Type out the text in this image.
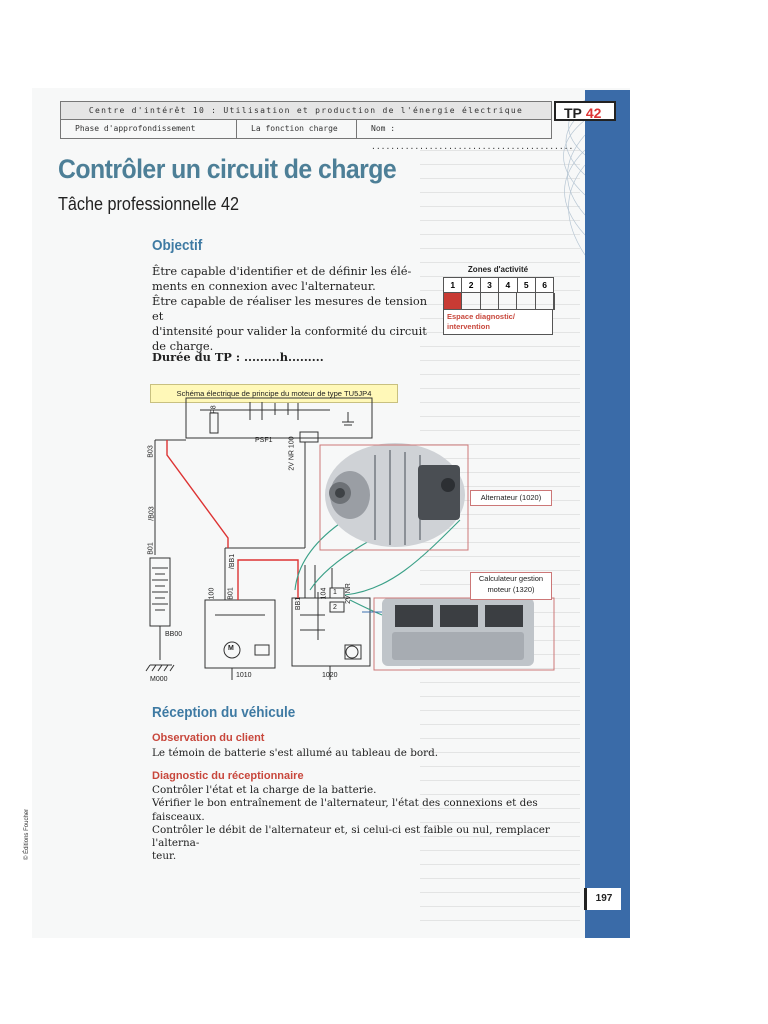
Centre d'intérêt 10 : Utilisation et production de l'énergie électrique
Phase d'approfondissement	La fonction charge	Nom : ..........................................
TP 42
Contrôler un circuit de charge
Tâche professionnelle 42
Objectif
Être capable d'identifier et de définir les élé-
ments en connexion avec l'alternateur.
Être capable de réaliser les mesures de tension et
d'intensité pour valider la conformité du circuit
de charge.
Durée du TP : .........h.........
Zones d'activité
1	2	3	4	5	6
Espace diagnostic/ intervention
Schéma électrique de principe du moteur de type TU5JP4
Alternateur (1020)
Calculateur gestion
moteur (1320)
F8
PSF1 2V NR 100
B03
/B03
B01
/BB1
100 B01
BB1
104 2V NR
1
2
M
BB00
M000
1010	1020
Réception du véhicule
Observation du client
Le témoin de batterie s'est allumé au tableau de bord.
Diagnostic du réceptionnaire
Contrôler l'état et la charge de la batterie.
Vérifier le bon entraînement de l'alternateur, l'état des connexions et des faisceaux.
Contrôler le débit de l'alternateur et, si celui-ci est faible ou nul, remplacer l'alterna-
teur.
© Éditions Foucher
197
